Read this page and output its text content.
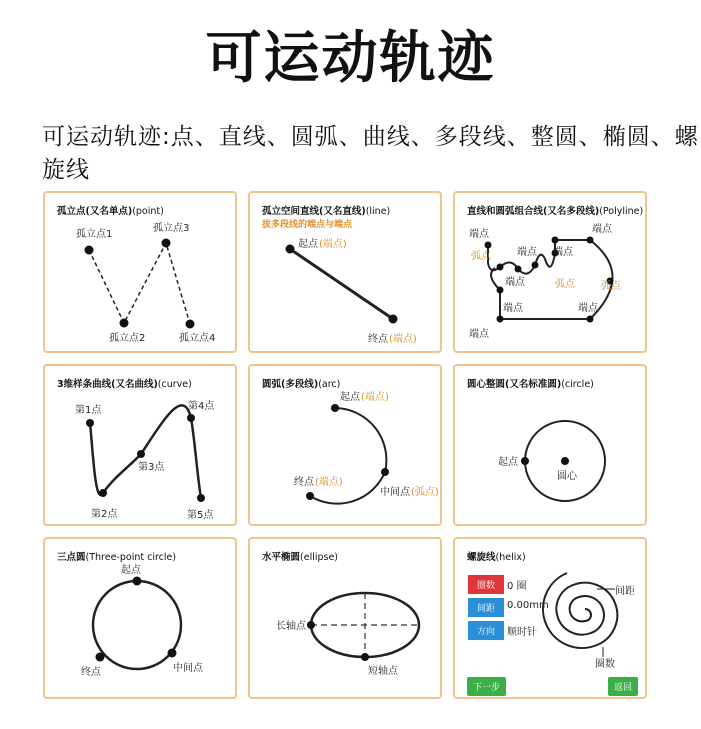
可运动轨迹
可运动轨迹:点、直线、圆弧、曲线、多段线、整圆、椭圆、螺旋线
孤立点(又名单点)(point)
孤立点1
孤立点3
孤立点2	孤立点4
孤立空间直线(又名直线)(line)
拔多段线的端点与端点
起点 (端点)
终点 (端点)
直线和圆弧组合线(又名多段线)(Polyline)
端点
弧点	端点 端点
端点
弧点	弧点
端点
端点
端点
端点
3维样条曲线(又名曲线)(curve)
第1点
第2点
第3点
第4点
第5点
圆弧(多段线)(arc)
起点 (端点)
中间点 (弧点)
终点 (端点)
圆心整圆(又名标准圆)(circle)
起点
圆心
三点圆(Three-point circle)
起点
中间点
终点
水平椭圆(ellipse)
长轴点
短轴点
螺旋线(helix)
圈数	0 圈
间距	0.00mm
方向	顺时针
间距
圈数
下一步	返回
